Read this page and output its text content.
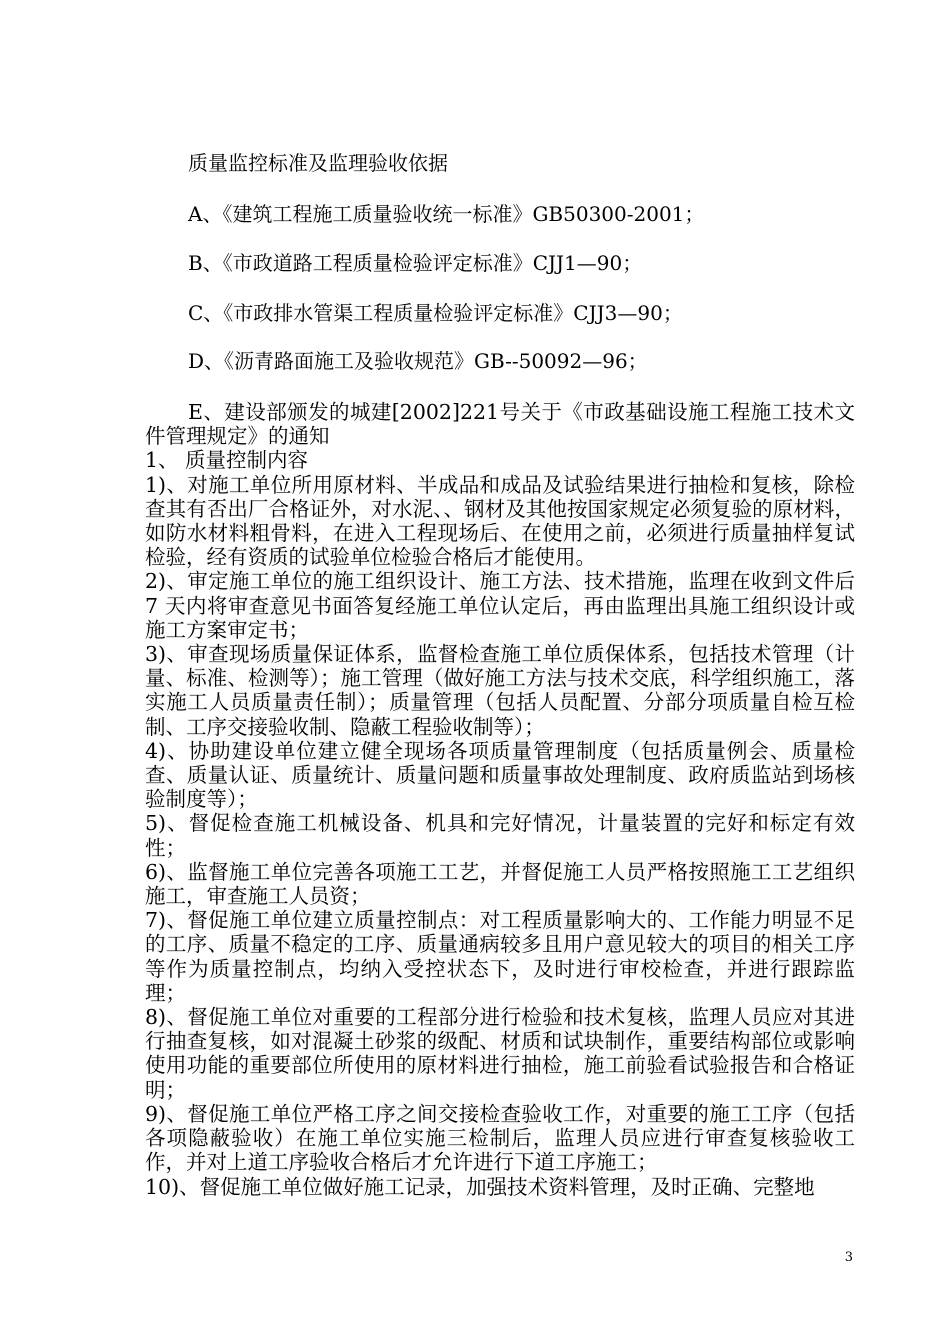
质量监控标准及监理验收依据
A、《建筑工程施工质量验收统一标准》GB50300-2001；
B、《市政道路工程质量检验评定标准》CJJ1—90；
C、《市政排水管渠工程质量检验评定标准》CJJ3—90；
D、《沥青路面施工及验收规范》GB--50092—96；

E、建设部颁发的城建[2002]221号关于《市政基础设施工程施工技术文件管理规定》的通知

1、 质量控制内容

1)、对施工单位所用原材料、半成品和成品及试验结果进行抽检和复核，除检查其有否出厂合格证外，对水泥、、钢材及其他按国家规定必须复验的原材料，如防水材料粗骨料，在进入工程现场后、在使用之前，必须进行质量抽样复试检验，经有资质的试验单位检验合格后才能使用。

2)、审定施工单位的施工组织设计、施工方法、技术措施，监理在收到文件后7 天内将审查意见书面答复经施工单位认定后，再由监理出具施工组织设计或施工方案审定书；

3)、审查现场质量保证体系，监督检查施工单位质保体系，包括技术管理（计量、标准、检测等）；施工管理（做好施工方法与技术交底，科学组织施工，落实施工人员质量责任制）；质量管理（包括人员配置、分部分项质量自检互检制、工序交接验收制、隐蔽工程验收制等）；

4)、协助建设单位建立健全现场各项质量管理制度（包括质量例会、质量检查、质量认证、质量统计、质量问题和质量事故处理制度、政府质监站到场核验制度等）；

5)、督促检查施工机械设备、机具和完好情况，计量装置的完好和标定有效性；

6)、监督施工单位完善各项施工工艺，并督促施工人员严格按照施工工艺组织施工，审查施工人员资；

7)、督促施工单位建立质量控制点：对工程质量影响大的、工作能力明显不足的工序、质量不稳定的工序、质量通病较多且用户意见较大的项目的相关工序等作为质量控制点，均纳入受控状态下，及时进行审校检查，并进行跟踪监理；

8)、督促施工单位对重要的工程部分进行检验和技术复核，监理人员应对其进行抽查复核，如对混凝土砂浆的级配、材质和试块制作，重要结构部位或影响使用功能的重要部位所使用的原材料进行抽检，施工前验看试验报告和合格证明；

9)、督促施工单位严格工序之间交接检查验收工作，对重要的施工工序（包括各项隐蔽验收）在施工单位实施三检制后，监理人员应进行审查复核验收工作，并对上道工序验收合格后才允许进行下道工序施工；

10)、督促施工单位做好施工记录，加强技术资料管理，及时正确、完整地

3
